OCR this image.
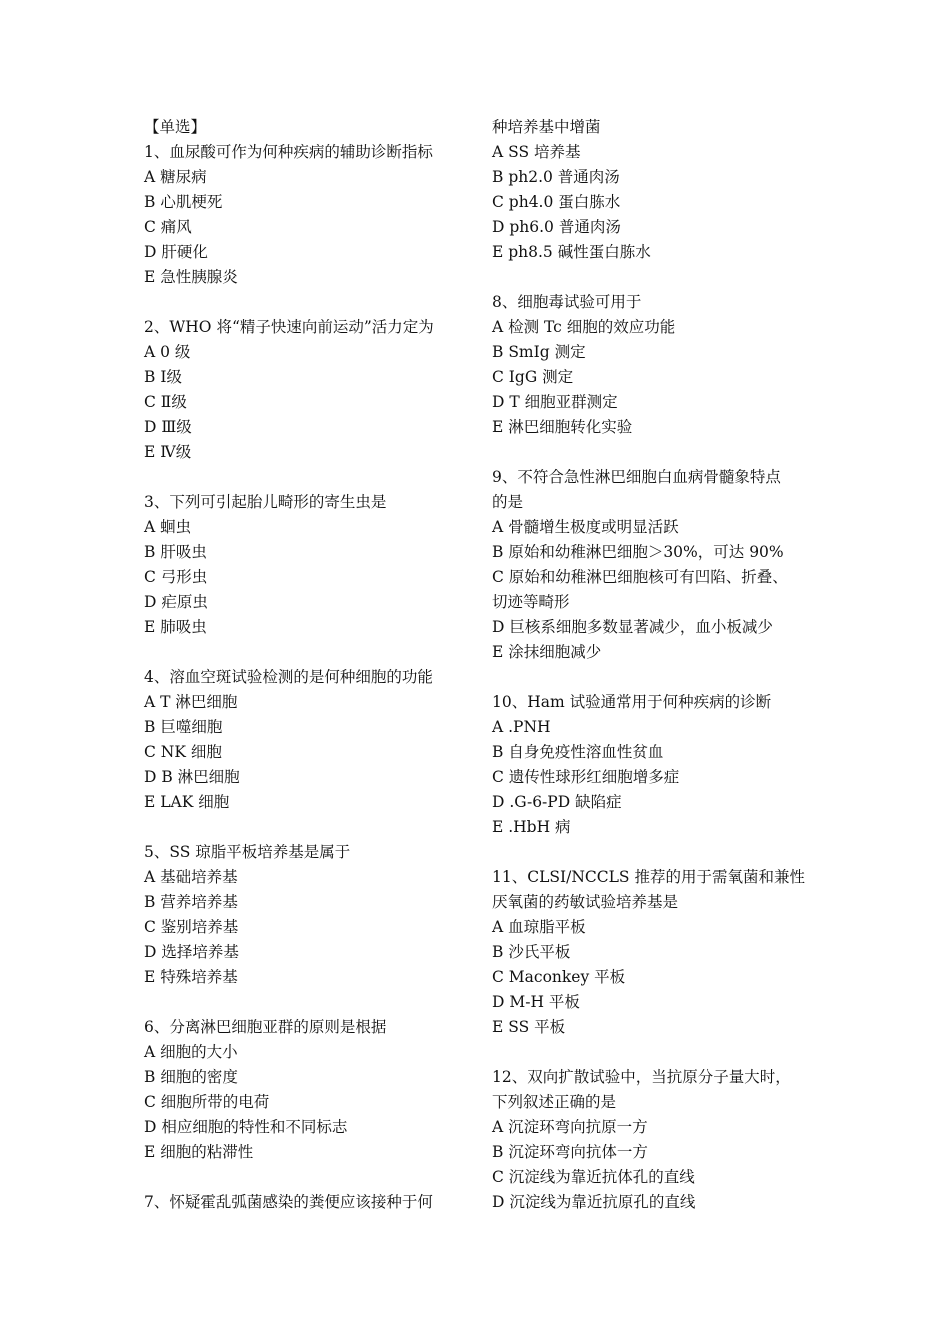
【单选】
1、血尿酸可作为何种疾病的辅助诊断指标
A 糖尿病
B 心肌梗死
C 痛风
D 肝硬化
E 急性胰腺炎
2、WHO 将“精子快速向前运动”活力定为
A 0 级
B Ⅰ级
C Ⅱ级
D Ⅲ级
E Ⅳ级
3、下列可引起胎儿畸形的寄生虫是
A 蛔虫
B 肝吸虫
C 弓形虫
D 疟原虫
E 肺吸虫
4、溶血空斑试验检测的是何种细胞的功能
A T 淋巴细胞
B 巨噬细胞
C NK 细胞
D B 淋巴细胞
E LAK 细胞
5、SS 琼脂平板培养基是属于
A 基础培养基
B 营养培养基
C 鉴别培养基
D 选择培养基
E 特殊培养基
6、分离淋巴细胞亚群的原则是根据
A 细胞的大小
B 细胞的密度
C 细胞所带的电荷
D 相应细胞的特性和不同标志
E 细胞的粘滞性
7、怀疑霍乱弧菌感染的粪便应该接种于何
种培养基中增菌
A SS 培养基
B ph2.0 普通肉汤
C ph4.0 蛋白胨水
D ph6.0 普通肉汤
E ph8.5 碱性蛋白胨水
8、细胞毒试验可用于
A 检测 Tc 细胞的效应功能
B SmIg 测定
C IgG 测定
D T 细胞亚群测定
E 淋巴细胞转化实验
9、不符合急性淋巴细胞白血病骨髓象特点
的是
A 骨髓增生极度或明显活跃
B 原始和幼稚淋巴细胞＞30%，可达 90%
C 原始和幼稚淋巴细胞核可有凹陷、折叠、
切迹等畸形
D 巨核系细胞多数显著减少，血小板减少
E 涂抹细胞减少
10、Ham 试验通常用于何种疾病的诊断
A .PNH
B 自身免疫性溶血性贫血
C 遗传性球形红细胞增多症
D .G-6-PD 缺陷症
E .HbH 病
11、CLSI/NCCLS 推荐的用于需氧菌和兼性
厌氧菌的药敏试验培养基是
A 血琼脂平板
B 沙氏平板
C Maconkey 平板
D M-H 平板
E SS 平板
12、双向扩散试验中，当抗原分子量大时，
下列叙述正确的是
A 沉淀环弯向抗原一方
B 沉淀环弯向抗体一方
C 沉淀线为靠近抗体孔的直线
D 沉淀线为靠近抗原孔的直线
